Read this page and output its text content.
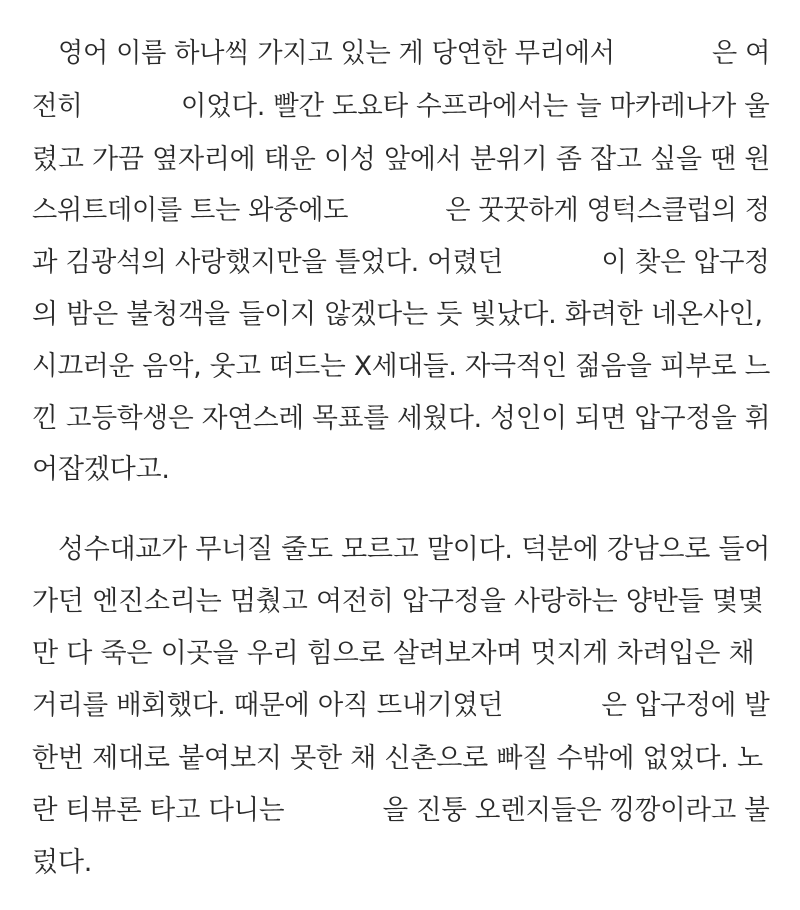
영어 이름 하나씩 가지고 있는 게 당연한 무리에서            은 여
전히            이었다. 빨간 도요타 수프라에서는 늘 마카레나가 울
렸고 가끔 옆자리에 태운 이성 앞에서 분위기 좀 잡고 싶을 땐 원
스위트데이를 트는 와중에도            은 꿋꿋하게 영턱스클럽의 정
과 김광석의 사랑했지만을 틀었다. 어렸던            이 찾은 압구정
의 밤은 불청객을 들이지 않겠다는 듯 빛났다. 화려한 네온사인,
시끄러운 음악, 웃고 떠드는 X세대들. 자극적인 젊음을 피부로 느
낀 고등학생은 자연스레 목표를 세웠다. 성인이 되면 압구정을 휘
어잡겠다고.
성수대교가 무너질 줄도 모르고 말이다. 덕분에 강남으로 들어
가던 엔진소리는 멈췄고 여전히 압구정을 사랑하는 양반들 몇몇
만 다 죽은 이곳을 우리 힘으로 살려보자며 멋지게 차려입은 채
거리를 배회했다. 때문에 아직 뜨내기였던            은 압구정에 발
한번 제대로 붙여보지 못한 채 신촌으로 빠질 수밖에 없었다. 노
란 티뷰론 타고 다니는            을 진퉁 오렌지들은 낑깡이라고 불
렀다.
